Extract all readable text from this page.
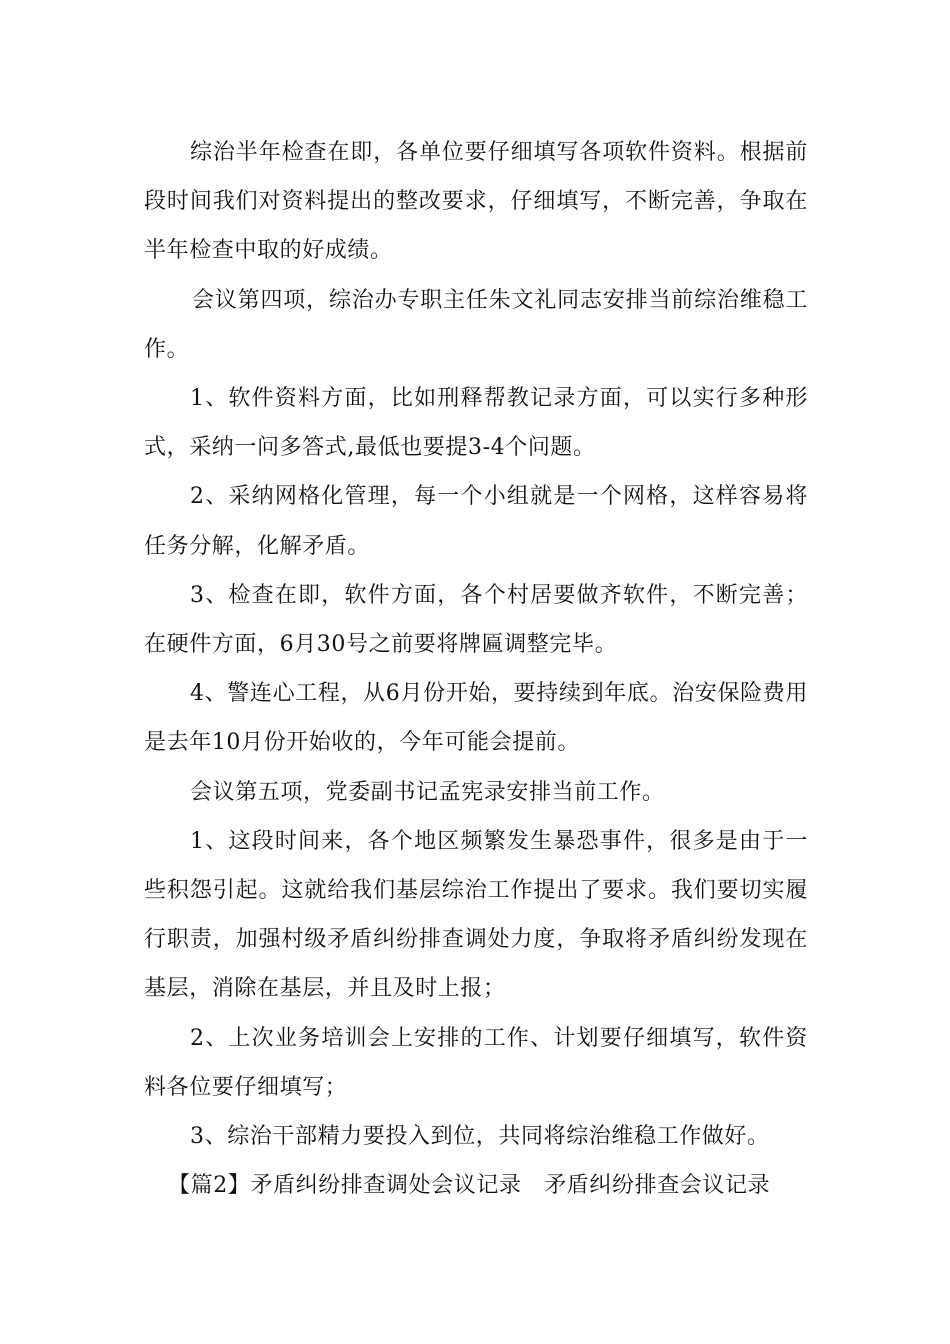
综治半年检查在即，各单位要仔细填写各项软件资料。根据前段时间我们对资料提出的整改要求，仔细填写，不断完善，争取在半年检查中取的好成绩。

会议第四项，综治办专职主任朱文礼同志安排当前综治维稳工作。

1、软件资料方面，比如刑释帮教记录方面，可以实行多种形式，采纳一问多答式,最低也要提3-4个问题。

2、采纳网格化管理，每一个小组就是一个网格，这样容易将任务分解，化解矛盾。

3、检查在即，软件方面，各个村居要做齐软件，不断完善；在硬件方面，6月30号之前要将牌匾调整完毕。

4、警连心工程，从6月份开始，要持续到年底。治安保险费用是去年10月份开始收的，今年可能会提前。

会议第五项，党委副书记孟宪录安排当前工作。

1、这段时间来，各个地区频繁发生暴恐事件，很多是由于一些积怨引起。这就给我们基层综治工作提出了要求。我们要切实履行职责，加强村级矛盾纠纷排查调处力度，争取将矛盾纠纷发现在基层，消除在基层，并且及时上报；

2、上次业务培训会上安排的工作、计划要仔细填写，软件资料各位要仔细填写；

3、综治干部精力要投入到位，共同将综治维稳工作做好。

【篇2】矛盾纠纷排查调处会议记录　矛盾纠纷排查会议记录
